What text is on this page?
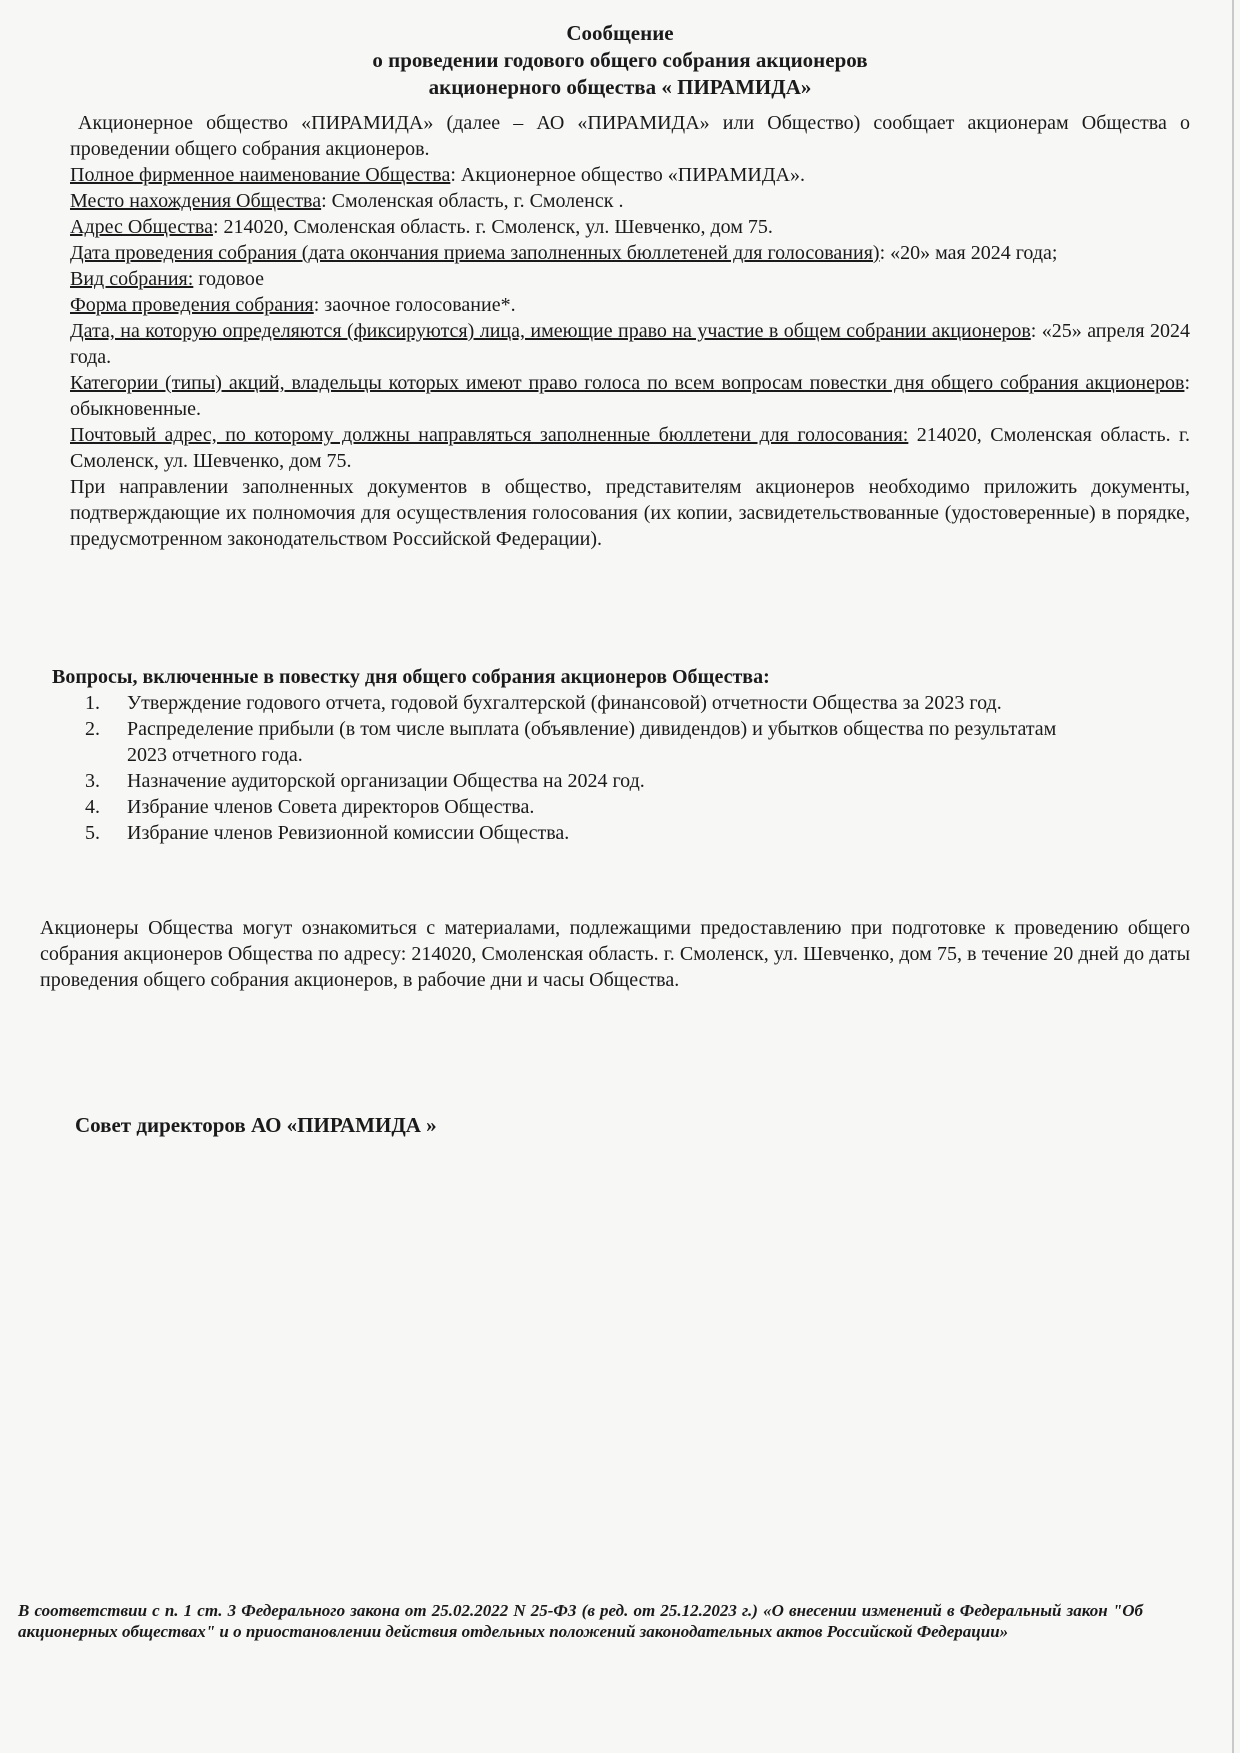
Сообщение
о проведении годового общего собрания акционеров
акционерного общества « ПИРАМИДА»

Акционерное общество «ПИРАМИДА» (далее – АО «ПИРАМИДА» или Общество) сообщает акционерам Общества о проведении общего собрания акционеров.

Полное фирменное наименование Общества: Акционерное общество «ПИРАМИДА».

Место нахождения Общества: Смоленская область, г. Смоленск .

Адрес Общества: 214020, Смоленская область. г. Смоленск, ул. Шевченко, дом 75.

Дата проведения собрания (дата окончания приема заполненных бюллетеней для голосования): «20» мая 2024 года;

Вид собрания: годовое

Форма проведения собрания: заочное голосование*.

Дата, на которую определяются (фиксируются) лица, имеющие право на участие в общем собрании акционеров: «25» апреля 2024 года.

Категории (типы) акций, владельцы которых имеют право голоса по всем вопросам повестки дня общего собрания акционеров: обыкновенные.

Почтовый адрес, по которому должны направляться заполненные бюллетени для голосования: 214020, Смоленская область. г. Смоленск, ул. Шевченко, дом 75.

При направлении заполненных документов в общество, представителям акционеров необходимо приложить документы, подтверждающие их полномочия для осуществления голосования (их копии, засвидетельствованные (удостоверенные) в порядке, предусмотренном законодательством Российской Федерации).

Вопросы, включенные в повестку дня общего собрания акционеров Общества:
1. Утверждение годового отчета, годовой бухгалтерской (финансовой) отчетности Общества за 2023 год.
2. Распределение прибыли (в том числе выплата (объявление) дивидендов) и убытков общества по результатам 2023 отчетного года.
3. Назначение аудиторской организации Общества на 2024 год.
4. Избрание членов Совета директоров Общества.
5. Избрание членов Ревизионной комиссии Общества.
Акционеры Общества могут ознакомиться с материалами, подлежащими предоставлению при подготовке к проведению общего собрания акционеров Общества по адресу: 214020, Смоленская область. г. Смоленск, ул. Шевченко, дом 75, в течение 20 дней до даты проведения общего собрания акционеров, в рабочие дни и часы Общества.
Совет директоров АО «ПИРАМИДА »
В соответствии с п. 1 ст. 3 Федерального закона от 25.02.2022 N 25-ФЗ (в ред. от 25.12.2023 г.) «О внесении изменений в Федеральный закон "Об акционерных обществах" и о приостановлении действия отдельных положений законодательных актов Российской Федерации»
